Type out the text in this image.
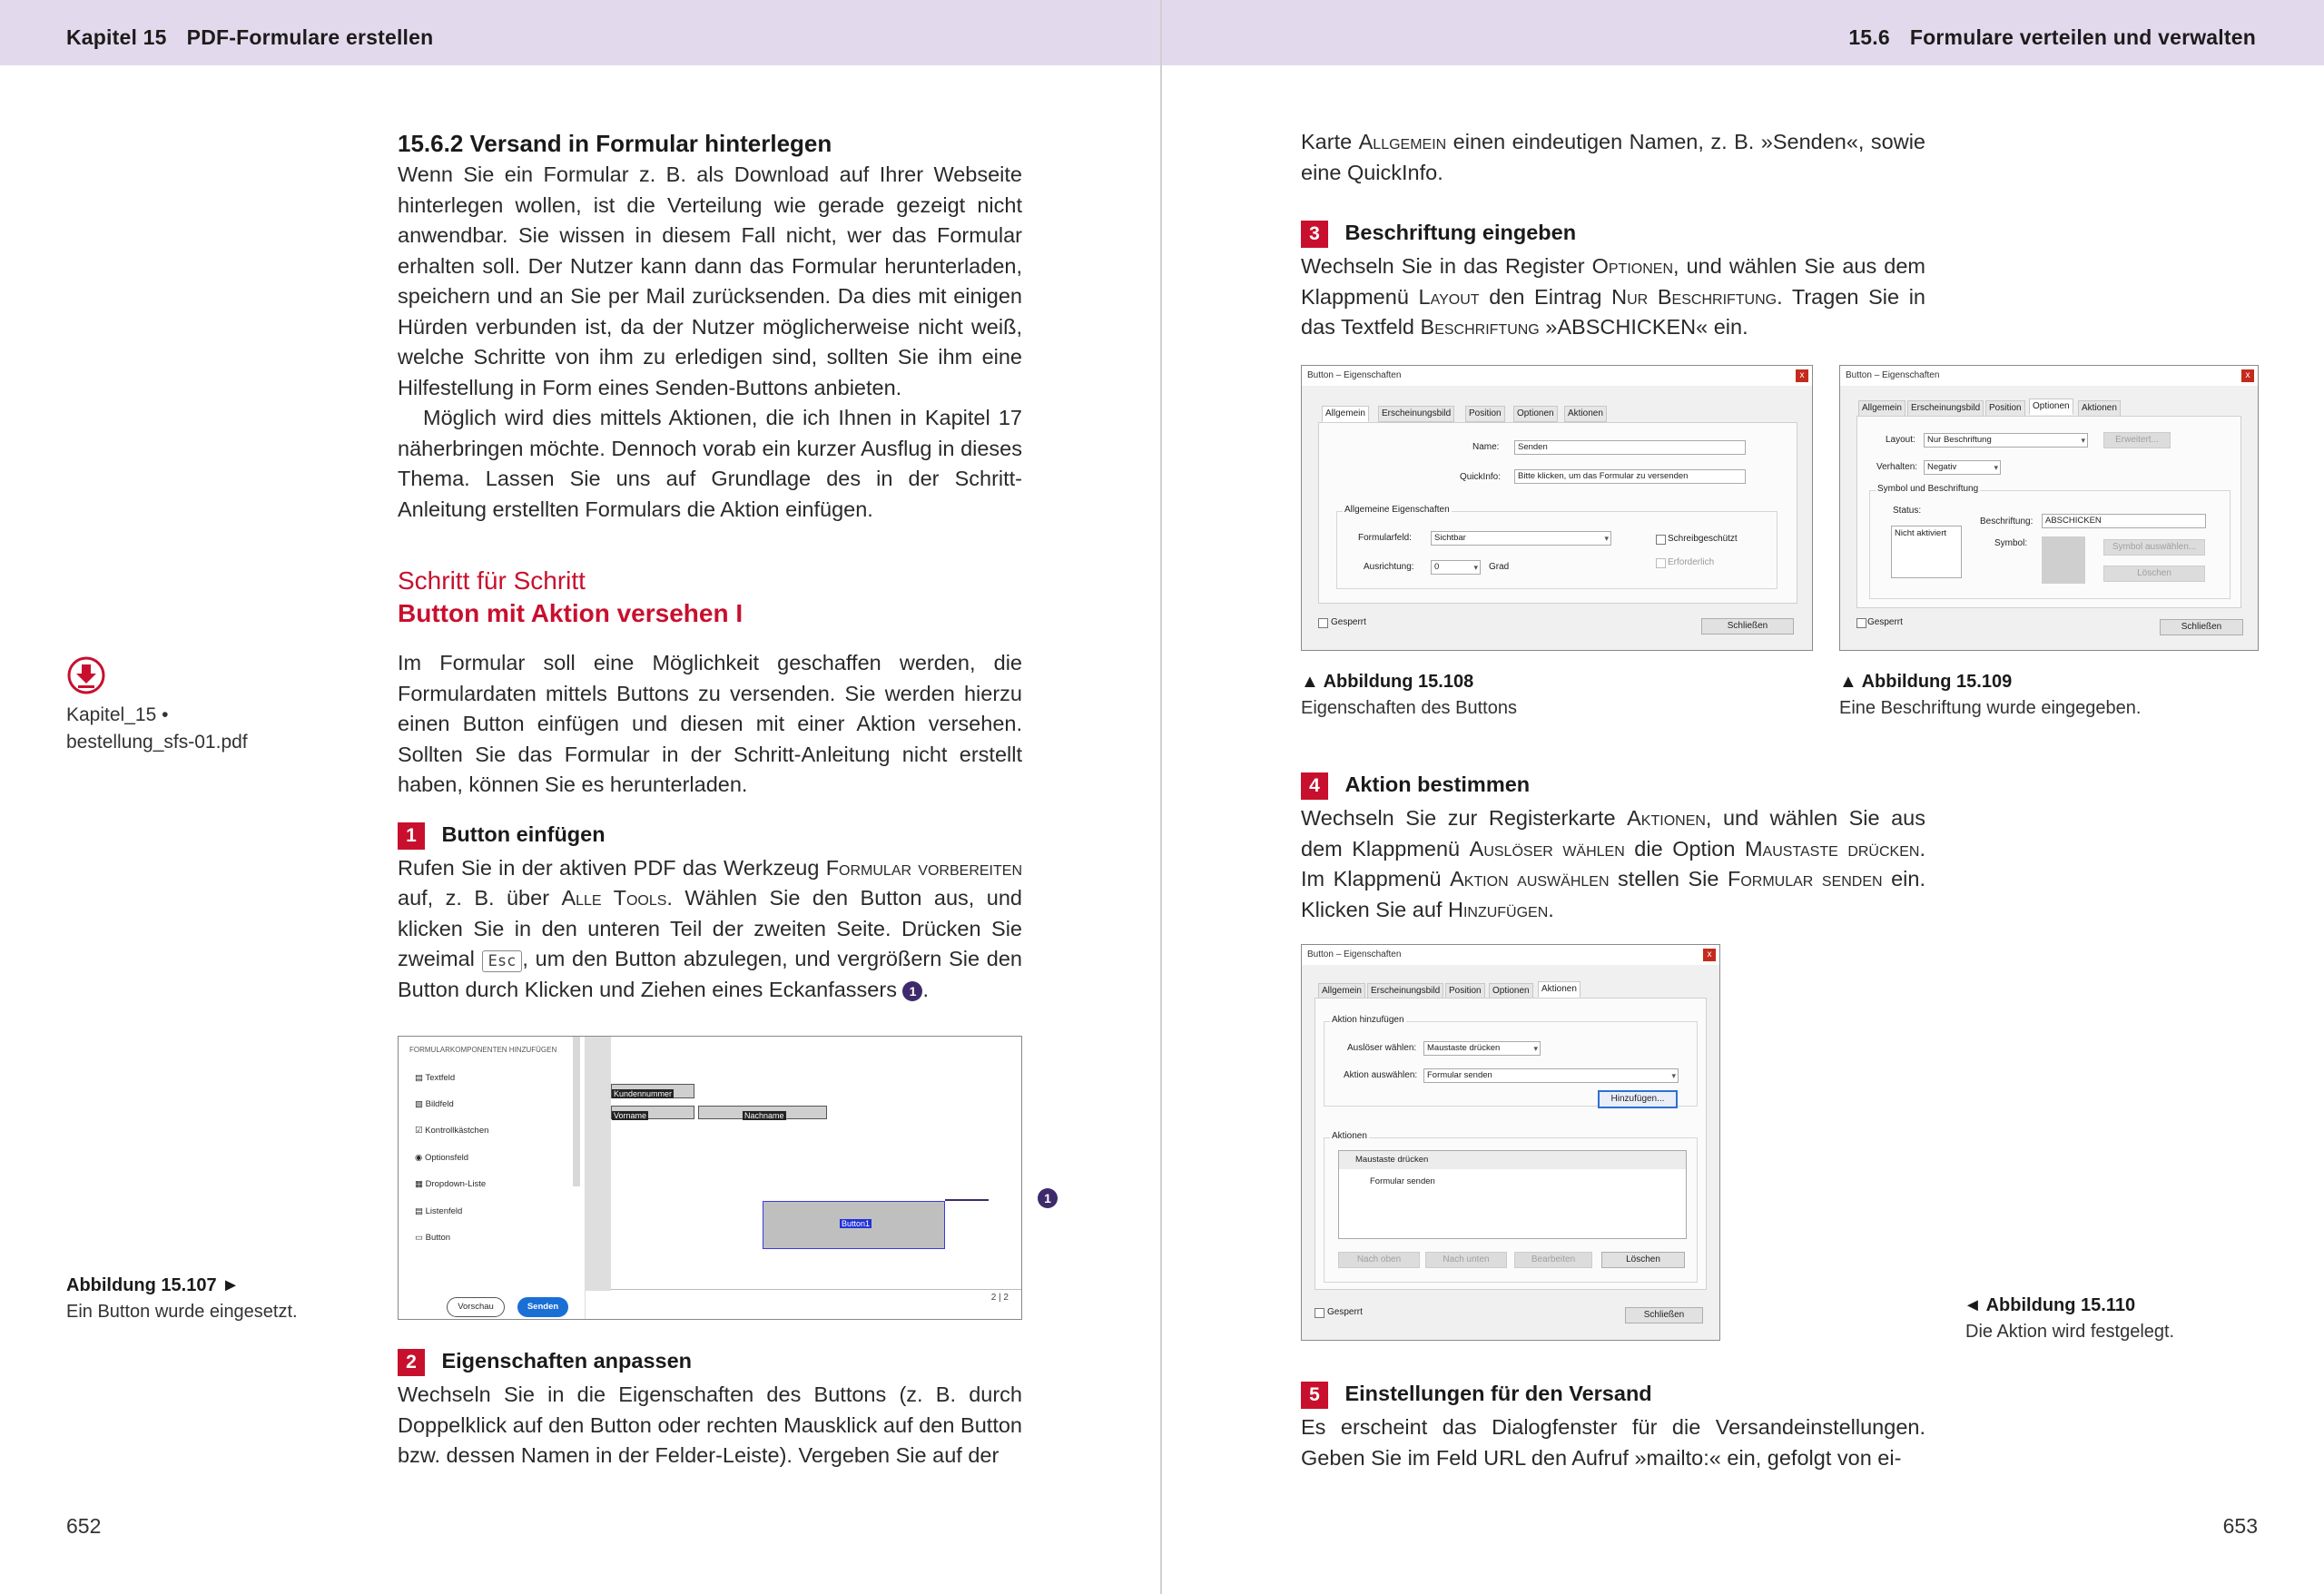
Kapitel 15 PDF-Formulare erstellen	15.6 Formulare verteilen und verwalten
15.6.2 Versand in Formular hinterlegen

Wenn Sie ein Formular z. B. als Download auf Ihrer Webseite hinterlegen wollen, ist die Verteilung wie gerade gezeigt nicht anwendbar. Sie wissen in diesem Fall nicht, wer das Formular erhalten soll. Der Nutzer kann dann das Formular herunterladen, speichern und an Sie per Mail zurücksenden. Da dies mit einigen Hürden verbunden ist, da der Nutzer möglicherweise nicht weiß, welche Schritte von ihm zu erledigen sind, sollten Sie ihm eine Hilfestellung in Form eines Senden-Buttons anbieten.

Möglich wird dies mittels Aktionen, die ich Ihnen in Kapitel 17 näherbringen möchte. Dennoch vorab ein kurzer Ausflug in dieses Thema. Lassen Sie uns auf Grundlage des in der Schritt-Anleitung erstellten Formulars die Aktion einfügen.

Schritt für Schritt
Button mit Aktion versehen I

Im Formular soll eine Möglichkeit geschaffen werden, die Formulardaten mittels Buttons zu versenden. Sie werden hierzu einen Button einfügen und diesen mit einer Aktion versehen. Sollten Sie das Formular in der Schritt-Anleitung nicht erstellt haben, können Sie es herunterladen.

1 Button einfügen

Rufen Sie in der aktiven PDF das Werkzeug Formular vorbereiten auf, z. B. über Alle Tools. Wählen Sie den Button aus, und klicken Sie in den unteren Teil der zweiten Seite. Drücken Sie zweimal Esc , um den Button abzulegen, und vergrößern Sie den Button durch Klicken und Ziehen eines Eckanfassers 1 .

Kapitel_15 • bestellung_sfs-01.pdf
Abbildung 15.107 ►
Ein Button wurde eingesetzt.
FORMULARKOMPONENTEN HINZUFÜGEN
▤ Textfeld
▧ Bildfeld
☑ Kontrollkästchen
◉ Optionsfeld
▦ Dropdown-Liste
▤ Listenfeld
▭ Button
Vorschau	Senden
Kundennummer
Vorname	Nachname
Button1
2 | 2
1
2 Eigenschaften anpassen

Wechseln Sie in die Eigenschaften des Buttons (z. B. durch Doppelklick auf den Button oder rechten Mausklick auf den Button bzw. dessen Namen in der Felder-Leiste). Vergeben Sie auf der

652

Karte Allgemein einen eindeutigen Namen, z. B. »Senden«, sowie eine QuickInfo.

3 Beschriftung eingeben

Wechseln Sie in das Register Optionen, und wählen Sie aus dem Klappmenü Layout den Eintrag Nur Beschriftung. Tragen Sie in das Textfeld Beschriftung »ABSCHICKEN« ein.

Button – Eigenschaften	x
Allgemein	Erscheinungsbild	Position	Optionen	Aktionen
Name:	Senden
QuickInfo:	Bitte klicken, um das Formular zu versenden
Allgemeine Eigenschaften
Formularfeld:	Sichtbar ▾
Ausrichtung:	0 ▾	Grad
Schreibgeschützt
Erforderlich
Gesperrt	Schließen
Button – Eigenschaften	x
Allgemein	Erscheinungsbild Position	Optionen	Aktionen
Layout:	Nur Beschriftung ▾	Erweitert...
Verhalten:	Negativ ▾
Symbol und Beschriftung
Status:
Nicht aktiviert
Beschriftung:	ABSCHICKEN
Symbol:	Symbol auswählen...
Löschen
Gesperrt	Schließen
▲ Abbildung 15.108
Eigenschaften des Buttons
▲ Abbildung 15.109
Eine Beschriftung wurde eingegeben.
4 Aktion bestimmen

Wechseln Sie zur Registerkarte Aktionen, und wählen Sie aus dem Klappmenü Auslöser wählen die Option Maustaste drücken. Im Klappmenü Aktion auswählen stellen Sie Formular senden ein. Klicken Sie auf Hinzufügen.

Button – Eigenschaften	x
Allgemein	Erscheinungsbild Position	Optionen	Aktionen
Aktion hinzufügen
Auslöser wählen:	Maustaste drücken ▾
Aktion auswählen:	Formular senden ▾
Hinzufügen...
Aktionen
Maustaste drücken
Formular senden
Nach oben	Nach unten	Bearbeiten	Löschen
Gesperrt	Schließen	◄ Abbildung 15.110
Die Aktion wird festgelegt.
5 Einstellungen für den Versand

Es erscheint das Dialogfenster für die Versandeinstellungen. Geben Sie im Feld URL den Aufruf »mailto:« ein, gefolgt von ei-

653
